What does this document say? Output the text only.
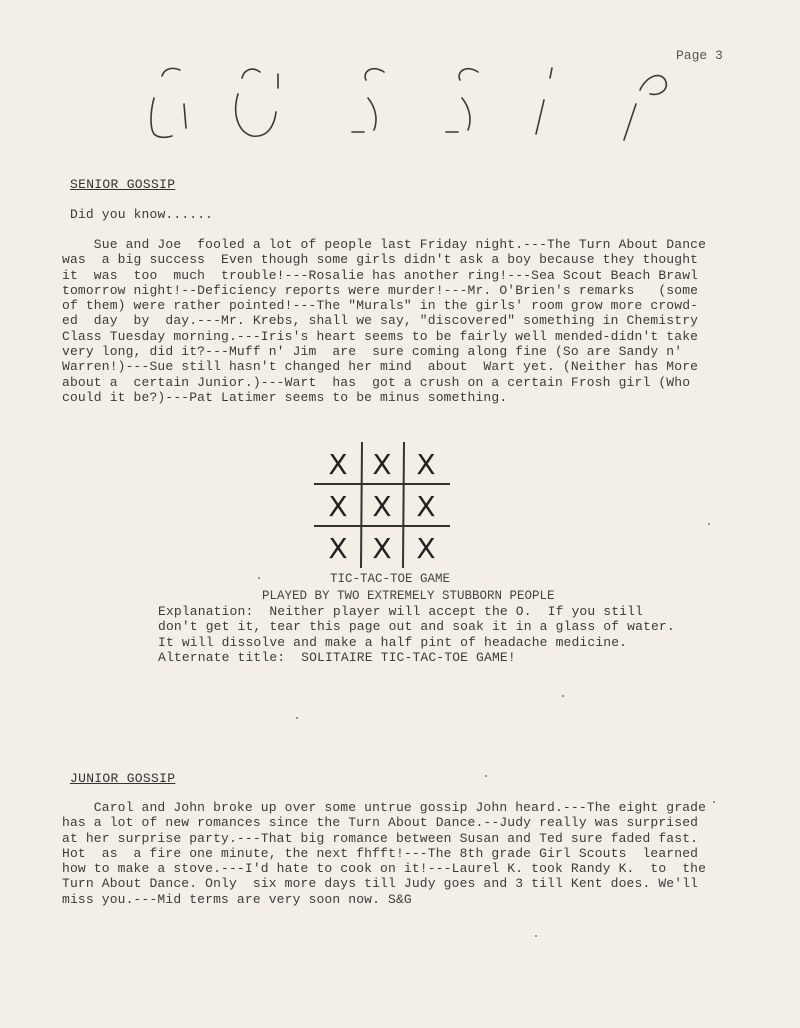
Page 3
SENIOR GOSSIP
Did you know......
Sue and Joe  fooled a lot of people last Friday night.---The Turn About Dance
was  a big success  Even though some girls didn't ask a boy because they thought
it  was  too  much  trouble!---Rosalie has another ring!---Sea Scout Beach Brawl
tomorrow night!--Deficiency reports were murder!---Mr. O'Brien's remarks   (some
of them) were rather pointed!---The "Murals" in the girls' room grow more crowd-
ed  day  by  day.---Mr. Krebs, shall we say, "discovered" something in Chemistry
Class Tuesday morning.---Iris's heart seems to be fairly well mended-didn't take
very long, did it?---Muff n' Jim  are  sure coming along fine (So are Sandy n'
Warren!)---Sue still hasn't changed her mind  about  Wart yet. (Neither has More
about a  certain Junior.)---Wart  has  got a crush on a certain Frosh girl (Who
could it be?)---Pat Latimer seems to be minus something.
X X X
X X X
X X X
TIC-TAC-TOE GAME
PLAYED BY TWO EXTREMELY STUBBORN PEOPLE
Explanation:  Neither player will accept the O.  If you still
don't get it, tear this page out and soak it in a glass of water.
It will dissolve and make a half pint of headache medicine.
Alternate title:  SOLITAIRE TIC-TAC-TOE GAME!
JUNIOR GOSSIP
Carol and John broke up over some untrue gossip John heard.---The eight grade
has a lot of new romances since the Turn About Dance.--Judy really was surprised
at her surprise party.---That big romance between Susan and Ted sure faded fast.
Hot  as  a fire one minute, the next fhfft!---The 8th grade Girl Scouts  learned
how to make a stove.---I'd hate to cook on it!---Laurel K. took Randy K.  to  the
Turn About Dance. Only  six more days till Judy goes and 3 till Kent does. We'll
miss you.---Mid terms are very soon now. S&G
